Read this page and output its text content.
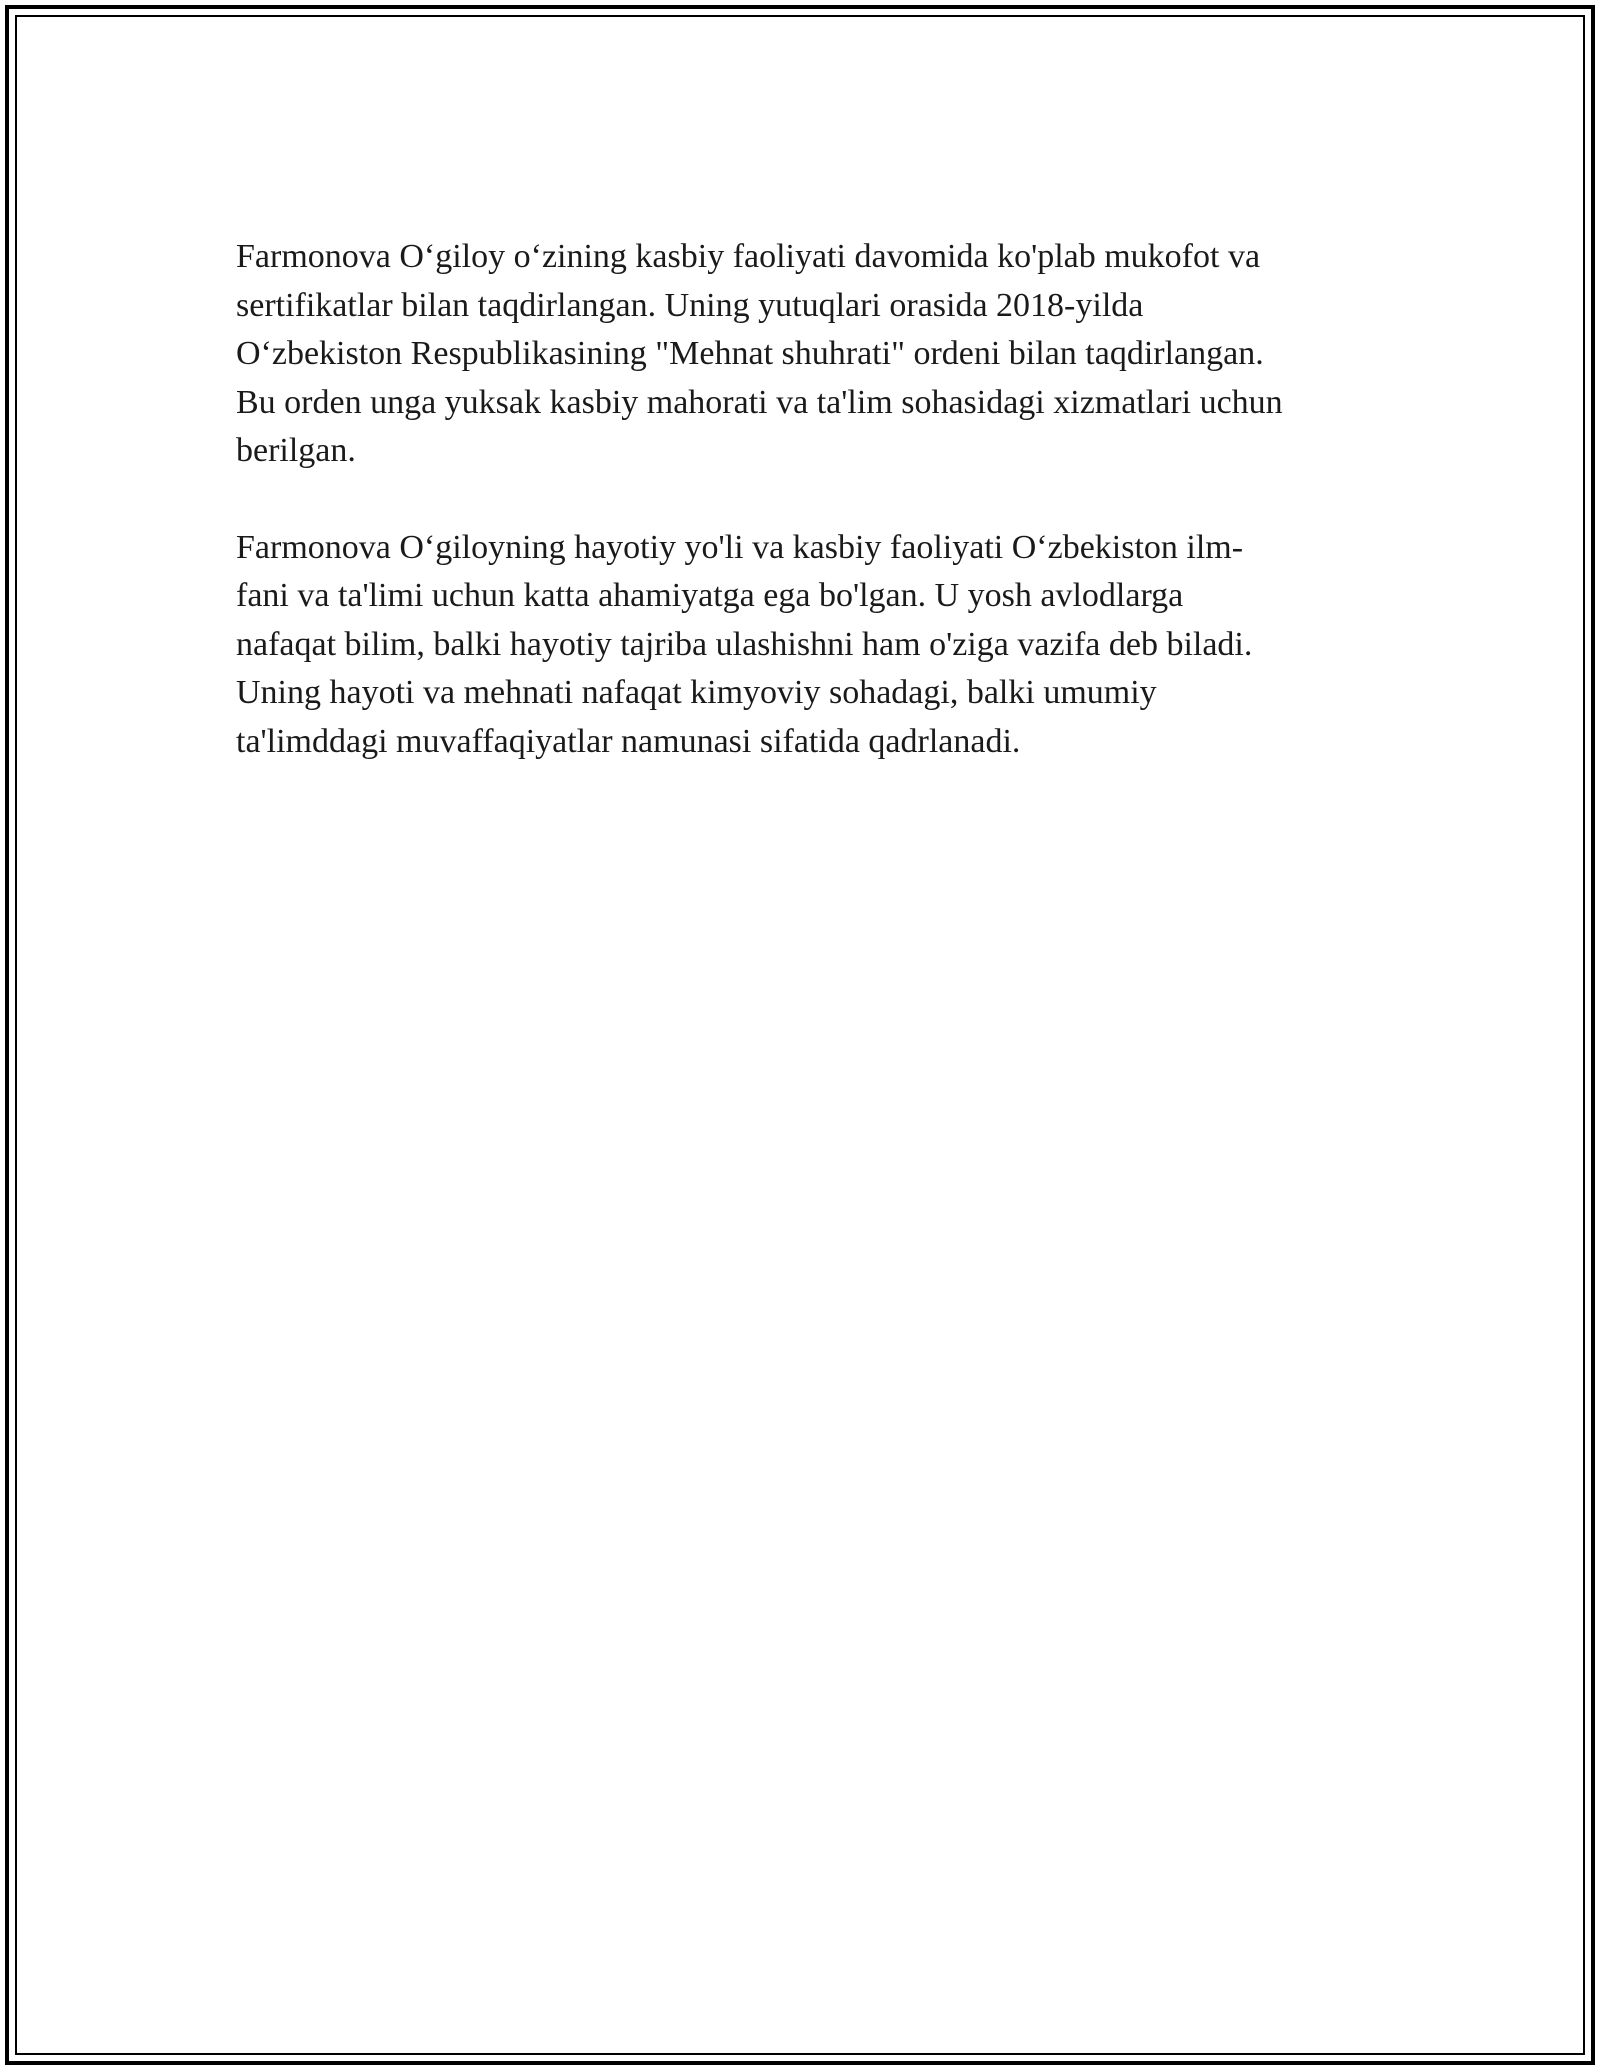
Farmonova O‘giloy o‘zining kasbiy faoliyati davomida ko'plab mukofot va
sertifikatlar bilan taqdirlangan. Uning yutuqlari orasida 2018-yilda
O‘zbekiston Respublikasining "Mehnat shuhrati" ordeni bilan taqdirlangan.
Bu orden unga yuksak kasbiy mahorati va ta'lim sohasidagi xizmatlari uchun
berilgan.

Farmonova O‘giloyning hayotiy yo'li va kasbiy faoliyati O‘zbekiston ilm-
fani va ta'limi uchun katta ahamiyatga ega bo'lgan. U yosh avlodlarga
nafaqat bilim, balki hayotiy tajriba ulashishni ham o'ziga vazifa deb biladi.
Uning hayoti va mehnati nafaqat kimyoviy sohadagi, balki umumiy
ta'limddagi muvaffaqiyatlar namunasi sifatida qadrlanadi.
